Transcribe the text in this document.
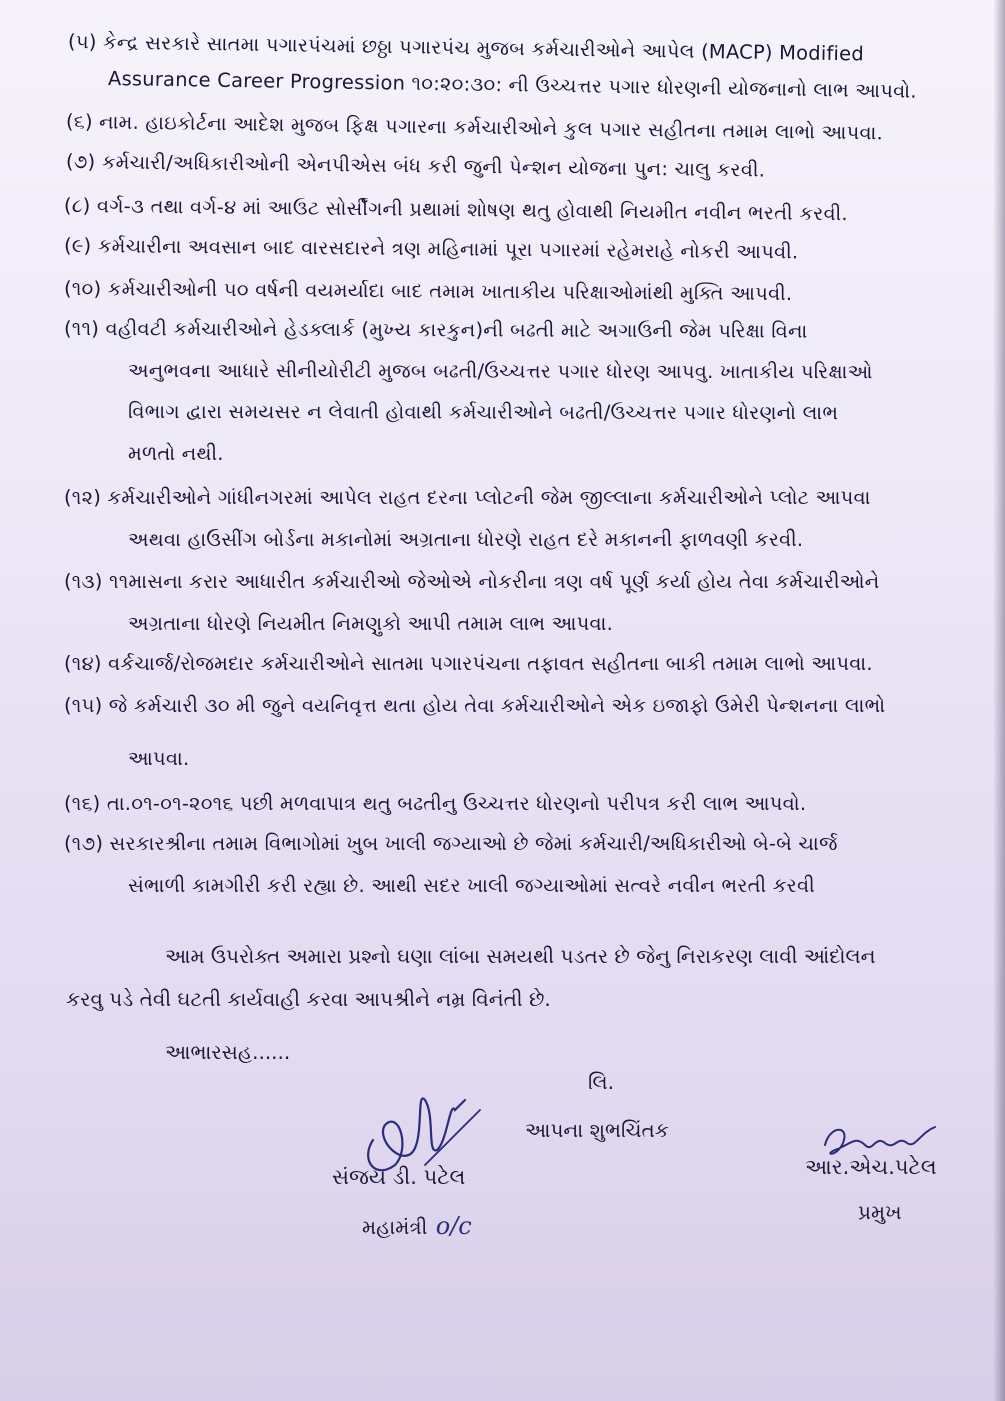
(૫) કેન્દ્ર સરકારે સાતમા પગારપંચમાં છઠ્ઠા પગારપંચ મુજબ કર્મચારીઓને આપેલ (MACP) Modified
Assurance Career Progression ૧૦:૨૦:૩૦: ની ઉચ્ચત્તર પગાર ધોરણની યોજનાનો લાભ આપવો.
(૬) નામ. હાઇકોર્ટના આદેશ મુજબ ફિક્ષ પગારના કર્મચારીઓને કુલ પગાર સહીતના તમામ લાભો આપવા.
(૭) કર્મચારી/અધિકારીઓની એનપીએસ બંધ કરી જુની પેન્શન યોજના પુન: ચાલુ કરવી.
(૮) વર્ગ-૩ તથા વર્ગ-૪ માં આઉટ સોર્સીંગની પ્રથામાં શોષણ થતુ હોવાથી નિયમીત નવીન ભરતી કરવી.
(૯) કર્મચારીના અવસાન બાદ વારસદારને ત્રણ મહિનામાં પૂરા પગારમાં રહેમરાહે નોકરી આપવી.
(૧૦) કર્મચારીઓની ૫૦ વર્ષની વયમર્યાદા બાદ તમામ ખાતાકીય પરિક્ષાઓમાંથી મુક્તિ આપવી.
(૧૧) વહીવટી કર્મચારીઓને હેડક્લાર્ક (મુખ્ય કારકુન)ની બઢતી માટે અગાઉની જેમ પરિક્ષા વિના
અનુભવના આધારે સીનીયોરીટી મુજબ બઢતી/ઉચ્ચત્તર પગાર ધોરણ આપવુ. ખાતાકીય પરિક્ષાઓ
વિભાગ દ્વારા સમયસર ન લેવાતી હોવાથી કર્મચારીઓને બઢતી/ઉચ્ચત્તર પગાર ધોરણનો લાભ
મળતો નથી.
(૧૨) કર્મચારીઓને ગાંધીનગરમાં આપેલ રાહત દરના પ્લોટની જેમ જીલ્લાના કર્મચારીઓને પ્લોટ આપવા
અથવા હાઉસીંગ બોર્ડના મકાનોમાં અગ્રતાના ધોરણે રાહત દરે મકાનની ફાળવણી કરવી.
(૧૩) ૧૧માસના કરાર આધારીત કર્મચારીઓ જેઓએ નોકરીના ત્રણ વર્ષ પૂર્ણ કર્યા હોય તેવા કર્મચારીઓને
અગ્રતાના ધોરણે નિયમીત નિમણુકો આપી તમામ લાભ આપવા.
(૧૪) વર્કચાર્જ/રોજમદાર કર્મચારીઓને સાતમા પગારપંચના તફાવત સહીતના બાકી તમામ લાભો આપવા.
(૧૫) જે કર્મચારી ૩૦ મી જુને વયનિવૃત્ત થતા હોય તેવા કર્મચારીઓને એક ઇજાફો ઉમેરી પેન્શનના લાભો
આપવા.
(૧૬) તા.૦૧-૦૧-૨૦૧૬ પછી મળવાપાત્ર થતુ બઢતીનુ ઉચ્ચત્તર ધોરણનો પરીપત્ર કરી લાભ આપવો.
(૧૭) સરકારશ્રીના તમામ વિભાગોમાં ખુબ ખાલી જગ્યાઓ છે જેમાં કર્મચારી/અધિકારીઓ બે-બે ચાર્જ
સંભાળી કામગીરી કરી રહ્યા છે. આથી સદર ખાલી જગ્યાઓમાં સત્વરે નવીન ભરતી કરવી
આમ ઉપરોક્ત અમારા પ્રશ્નો ઘણા લાંબા સમયથી પડતર છે જેનુ નિરાકરણ લાવી આંદોલન
કરવુ પડે તેવી ઘટતી કાર્યવાહી કરવા આપશ્રીને નમ્ર વિનંતી છે.
આભારસહ......
લિ.
આપના શુભચિંતક
સંજય ડી. પટેલ
મહામંત્રી o/c
આર.એચ.પટેલ
પ્રમુખ
